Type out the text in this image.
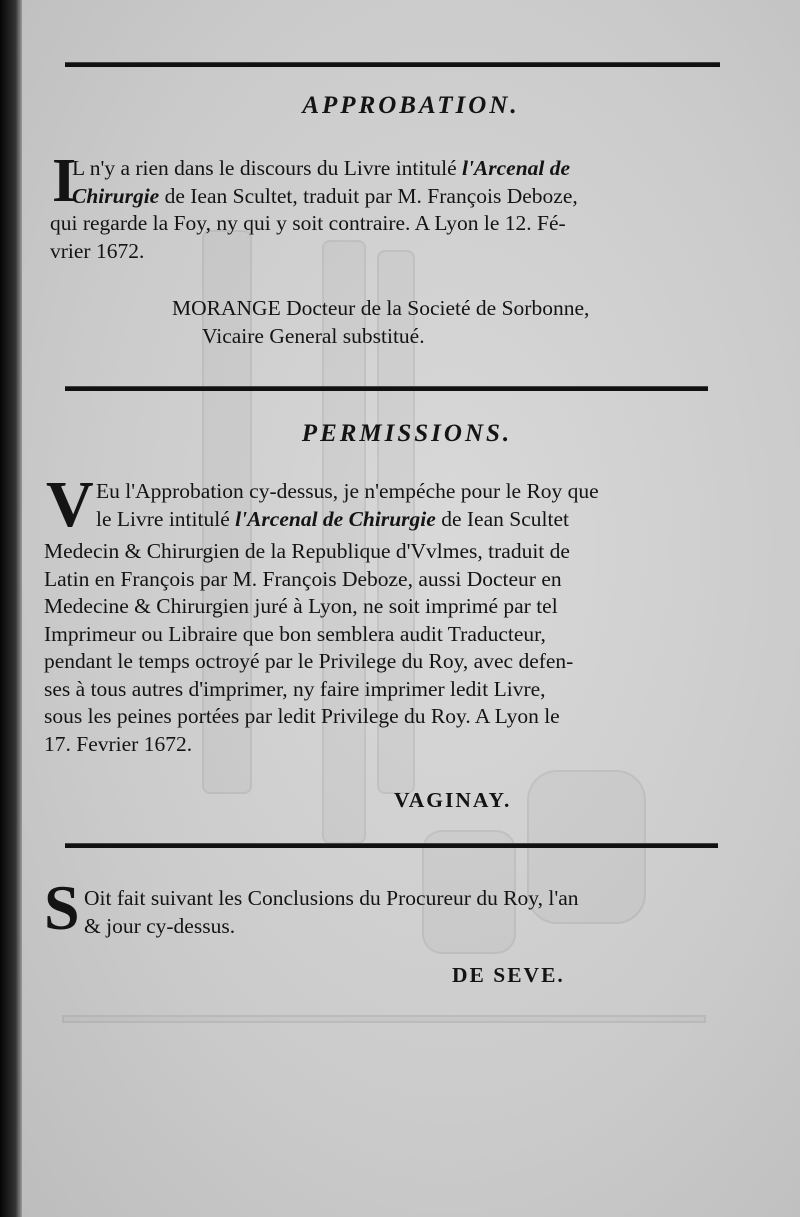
APPROBATION.
I
L n'y a rien dans le discours du Livre intitulé l'Arcenal de
Chirurgie de Iean Scultet, traduit par M. François Deboze,
qui regarde la Foy, ny qui y soit contraire. A Lyon le 12. Fé-
vrier 1672.
MORANGE Docteur de la Societé de Sorbonne,
Vicaire General substitué.
PERMISSIONS.
V Eu l'Approbation cy-dessus, je n'empéche pour le Roy que
le Livre intitulé l'Arcenal de Chirurgie de Iean Scultet
Medecin & Chirurgien de la Republique d'Vvlmes, traduit de
Latin en François par M. François Deboze, aussi Docteur en
Medecine & Chirurgien juré à Lyon, ne soit imprimé par tel
Imprimeur ou Libraire que bon semblera audit Traducteur,
pendant le temps octroyé par le Privilege du Roy, avec defen-
ses à tous autres d'imprimer, ny faire imprimer ledit Livre,
sous les peines portées par ledit Privilege du Roy. A Lyon le
17. Fevrier 1672.
VAGINAY.
S Oit fait suivant les Conclusions du Procureur du Roy, l'an
& jour cy-dessus.
DE SEVE.
